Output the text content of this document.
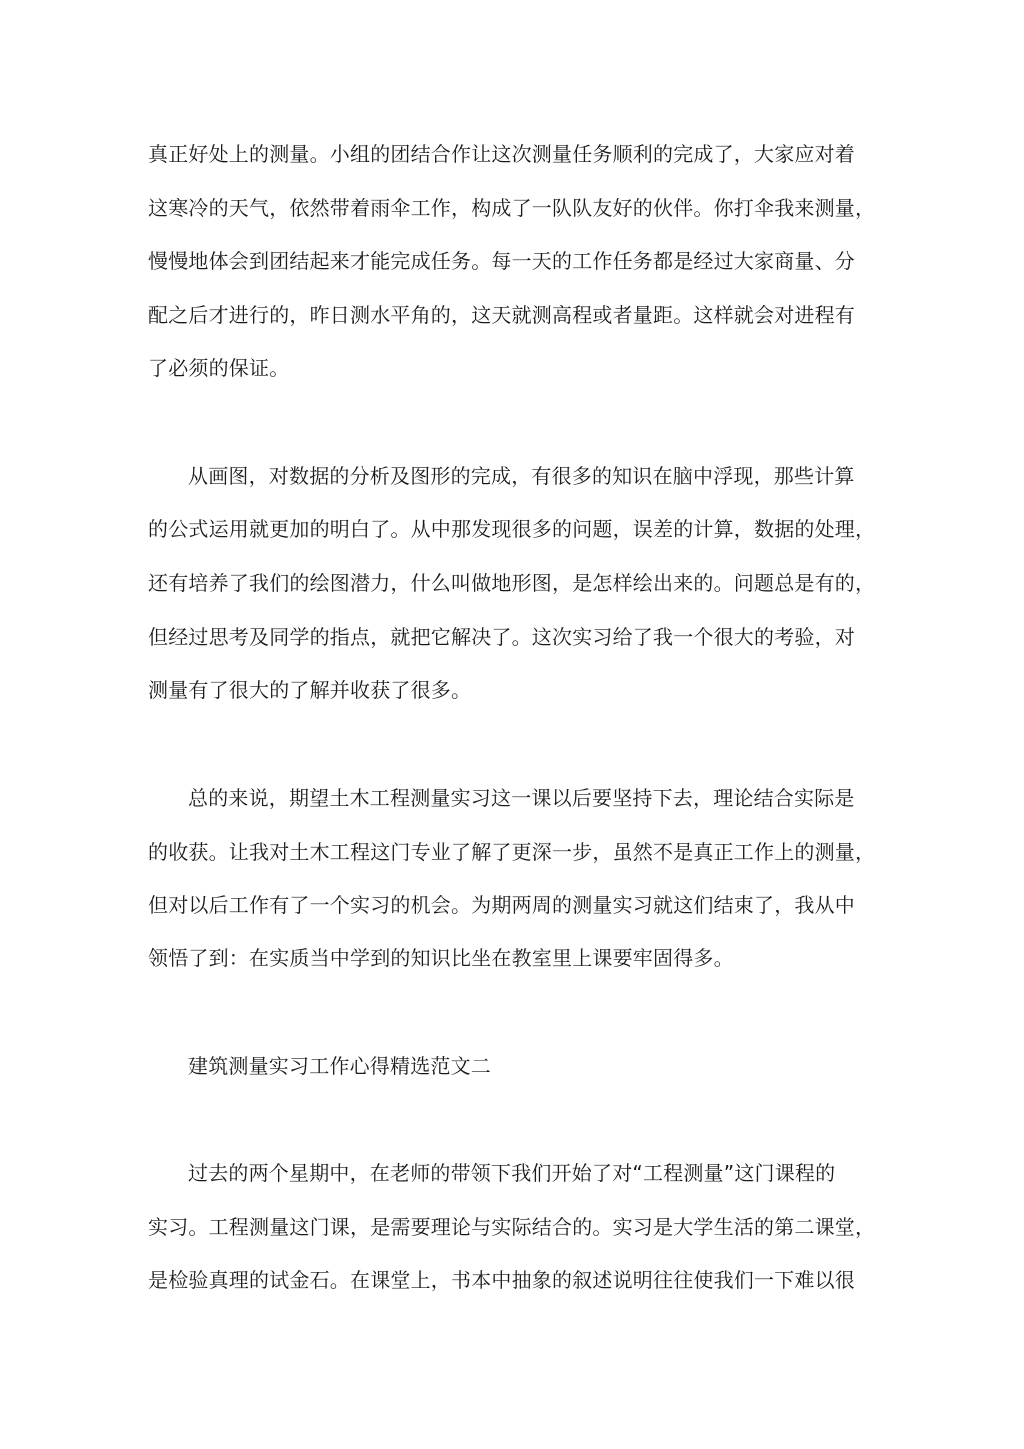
真正好处上的测量。小组的团结合作让这次测量任务顺利的完成了，大家应对着
这寒冷的天气，依然带着雨伞工作，构成了一队队友好的伙伴。你打伞我来测量，
慢慢地体会到团结起来才能完成任务。每一天的工作任务都是经过大家商量、分
配之后才进行的，昨日测水平角的，这天就测高程或者量距。这样就会对进程有
了必须的保证。
从画图，对数据的分析及图形的完成，有很多的知识在脑中浮现，那些计算
的公式运用就更加的明白了。从中那发现很多的问题，误差的计算，数据的处理，
还有培养了我们的绘图潜力，什么叫做地形图，是怎样绘出来的。问题总是有的，
但经过思考及同学的指点，就把它解决了。这次实习给了我一个很大的考验，对
测量有了很大的了解并收获了很多。
总的来说，期望土木工程测量实习这一课以后要坚持下去，理论结合实际是
的收获。让我对土木工程这门专业了解了更深一步，虽然不是真正工作上的测量，
但对以后工作有了一个实习的机会。为期两周的测量实习就这们结束了，我从中
领悟了到：在实质当中学到的知识比坐在教室里上课要牢固得多。
建筑测量实习工作心得精选范文二
过去的两个星期中，在老师的带领下我们开始了对“工程测量”这门课程的
实习。工程测量这门课，是需要理论与实际结合的。实习是大学生活的第二课堂，
是检验真理的试金石。在课堂上，书本中抽象的叙述说明往往使我们一下难以很
